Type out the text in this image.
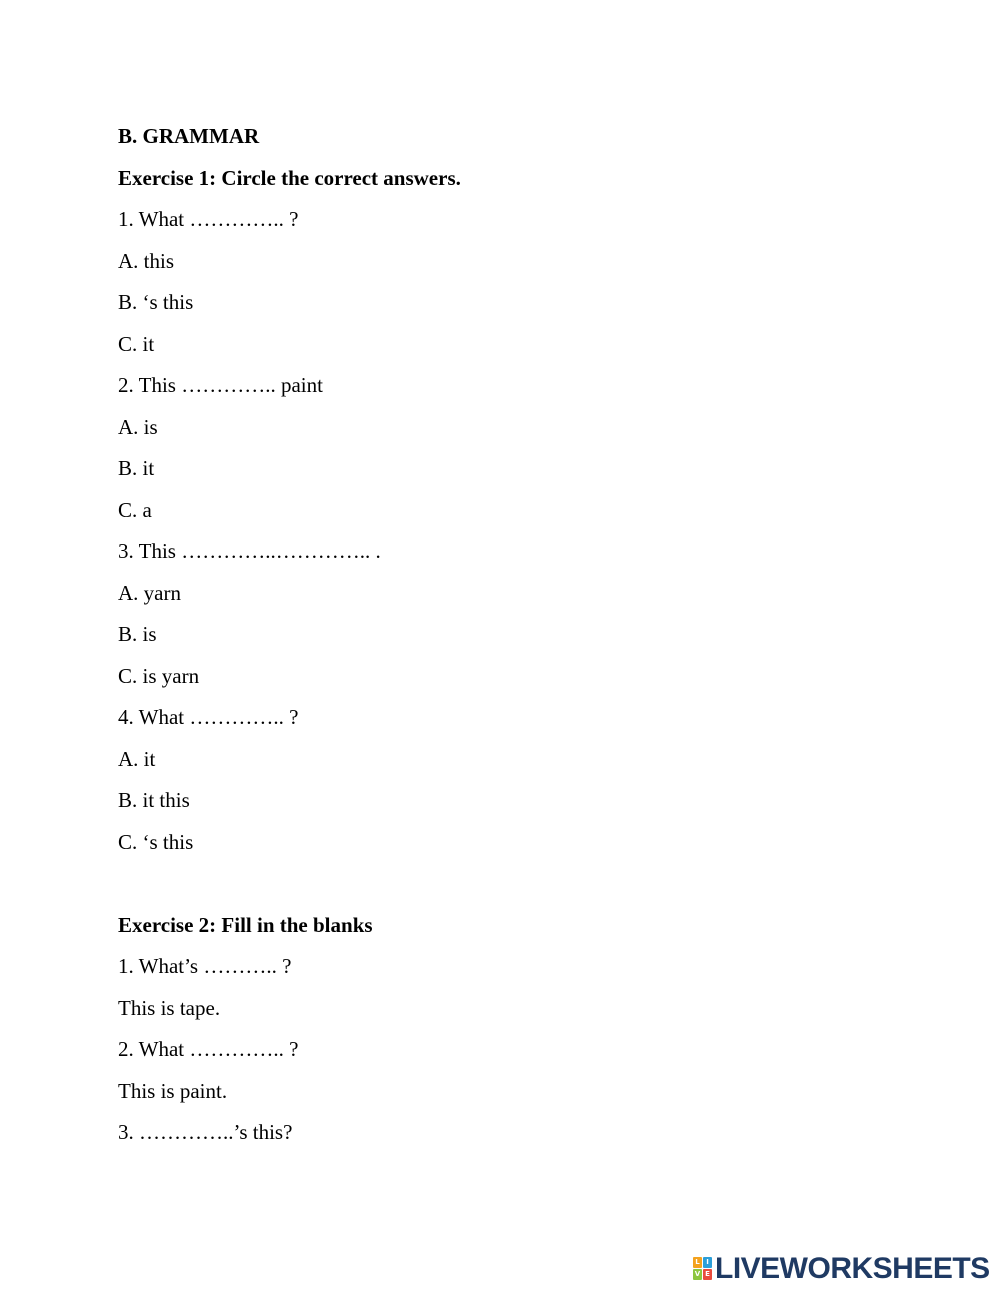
B. GRAMMAR
Exercise 1: Circle the correct answers.
1. What ………….. ?
A. this
B. ‘s this
C. it
2. This ………….. paint
A. is
B. it
C. a
3. This …………..………….. .
A. yarn
B. is
C. is yarn
4. What ………….. ?
A. it
B. it this
C. ‘s this
Exercise 2: Fill in the blanks
1. What’s ……….. ?
This is tape.
2. What ………….. ?
This is paint.
3. …………..’s this?
L I
V E LIVEWORKSHEETS
